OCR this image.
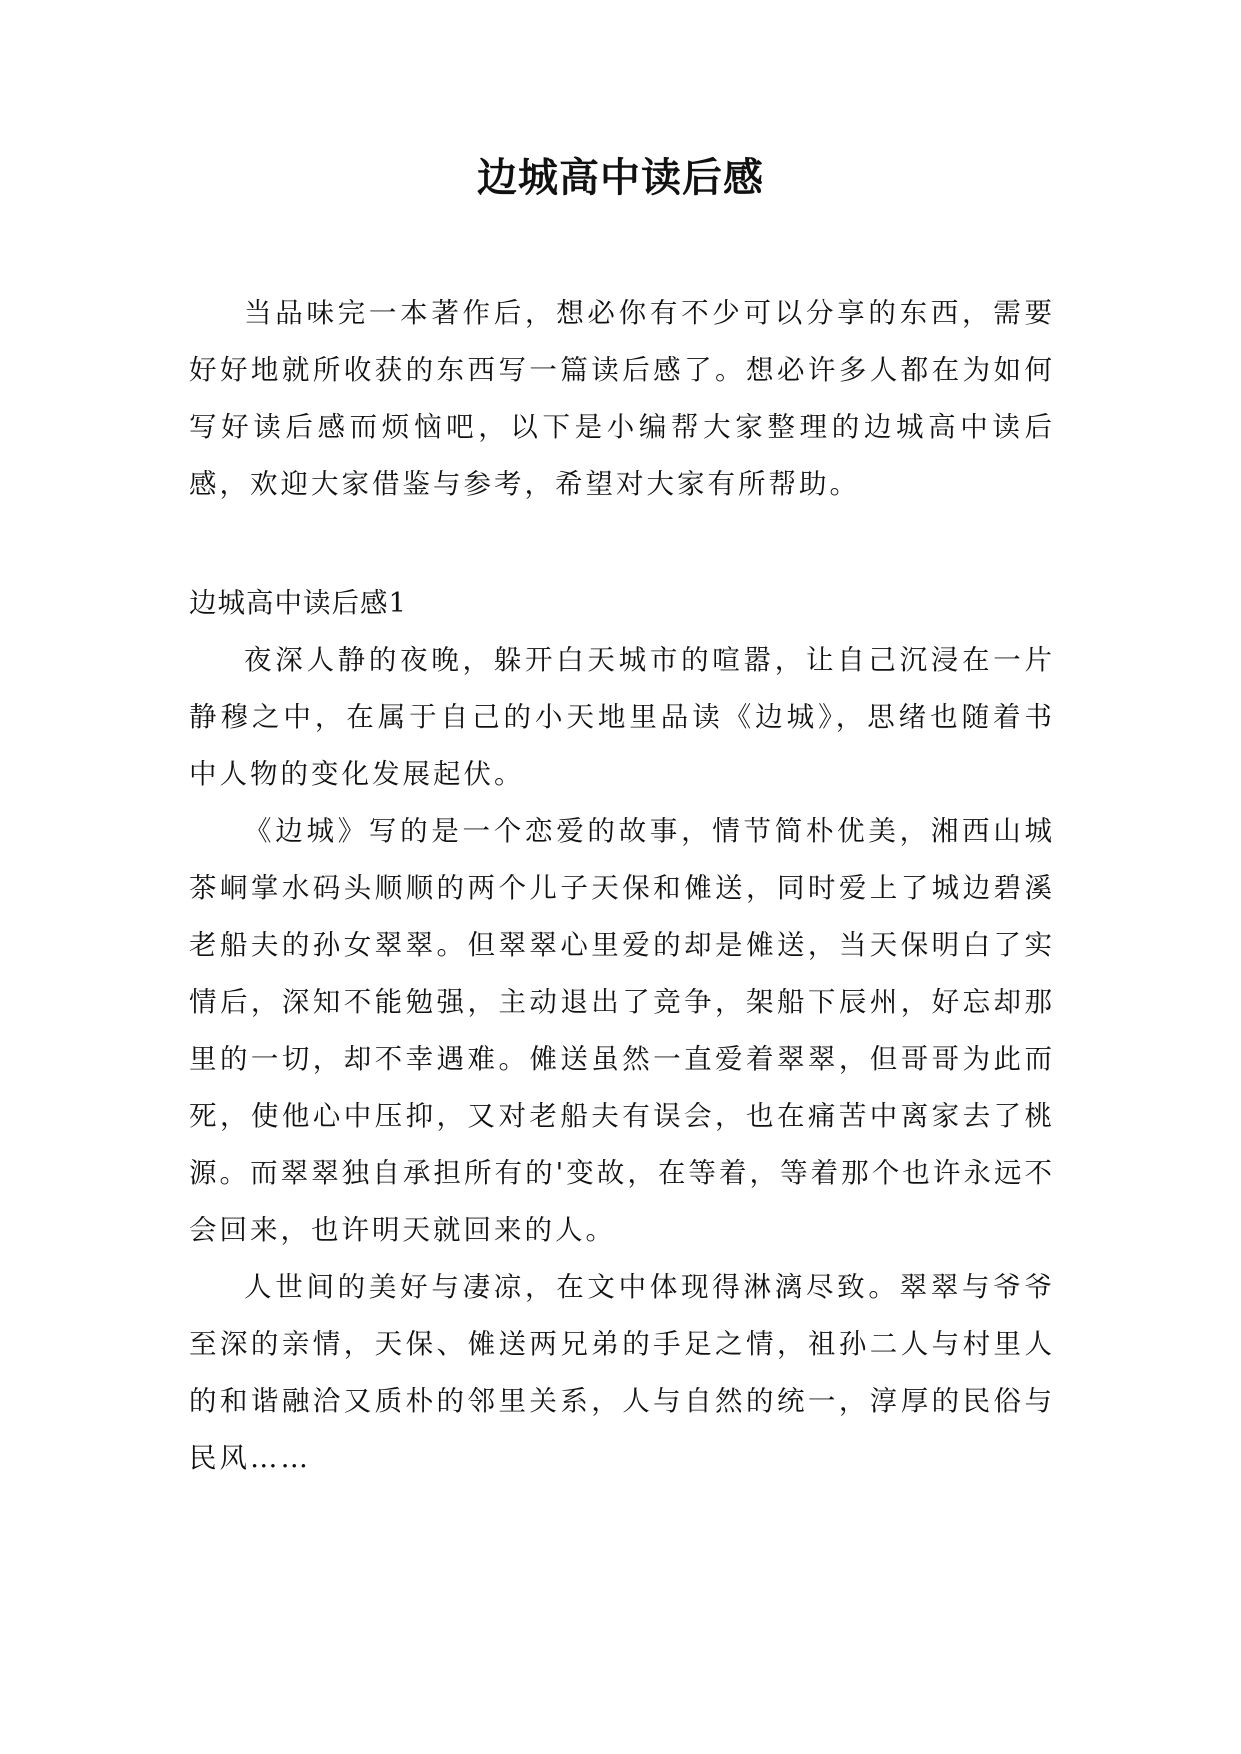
边城高中读后感

当品味完一本著作后，想必你有不少可以分享的东西，需要好好地就所收获的东西写一篇读后感了。想必许多人都在为如何写好读后感而烦恼吧，以下是小编帮大家整理的边城高中读后感，欢迎大家借鉴与参考，希望对大家有所帮助。

边城高中读后感1

夜深人静的夜晚，躲开白天城市的喧嚣，让自己沉浸在一片静穆之中，在属于自己的小天地里品读《边城》，思绪也随着书中人物的变化发展起伏。

《边城》写的是一个恋爱的故事，情节简朴优美，湘西山城茶峒掌水码头顺顺的两个儿子天保和傩送，同时爱上了城边碧溪老船夫的孙女翠翠。但翠翠心里爱的却是傩送，当天保明白了实情后，深知不能勉强，主动退出了竞争，架船下辰州，好忘却那里的一切，却不幸遇难。傩送虽然一直爱着翠翠，但哥哥为此而死，使他心中压抑，又对老船夫有误会，也在痛苦中离家去了桃源。而翠翠独自承担所有的'变故，在等着，等着那个也许永远不会回来，也许明天就回来的人。

人世间的美好与凄凉，在文中体现得淋漓尽致。翠翠与爷爷至深的亲情，天保、傩送两兄弟的手足之情，祖孙二人与村里人的和谐融洽又质朴的邻里关系，人与自然的统一，淳厚的民俗与民风……
